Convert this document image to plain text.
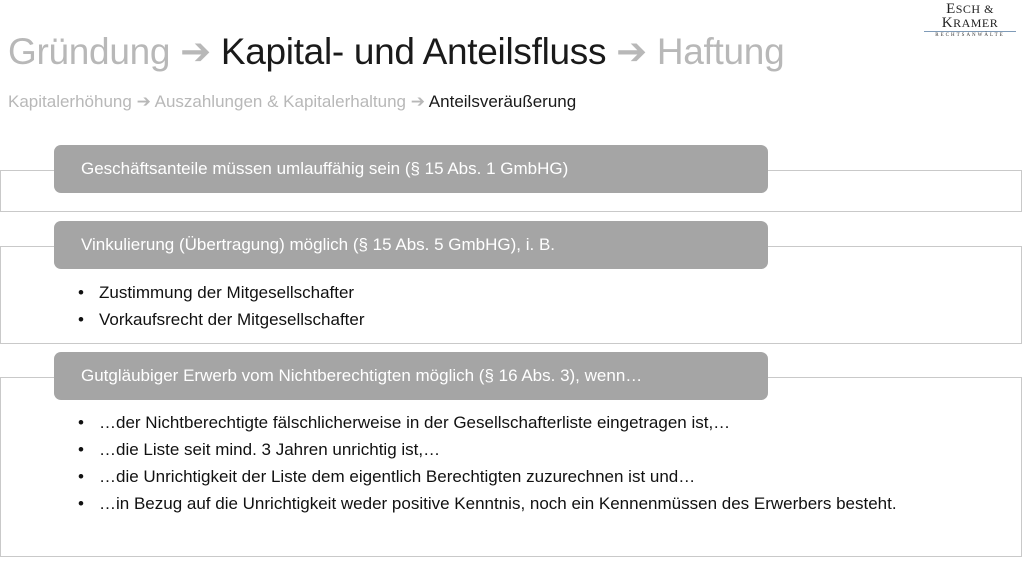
ESCH & KRAMER
RECHTSANWÄLTE
Gründung ➔ Kapital- und Anteilsfluss ➔ Haftung
Kapitalerhöhung ➔ Auszahlungen & Kapitalerhaltung ➔ Anteilsveräußerung
Geschäftsanteile müssen umlauffähig sein (§ 15 Abs. 1 GmbHG)
Vinkulierung (Übertragung) möglich (§ 15 Abs. 5 GmbHG), i. B.
• Zustimmung der Mitgesellschafter
• Vorkaufsrecht der Mitgesellschafter
Gutgläubiger Erwerb vom Nichtberechtigten möglich (§ 16 Abs. 3), wenn…
• …der Nichtberechtigte fälschlicherweise in der Gesellschafterliste eingetragen ist,…
• …die Liste seit mind. 3 Jahren unrichtig ist,…
• …die Unrichtigkeit der Liste dem eigentlich Berechtigten zuzurechnen ist und…
• …in Bezug auf die Unrichtigkeit weder positive Kenntnis, noch ein Kennenmüssen des Erwerbers besteht.
